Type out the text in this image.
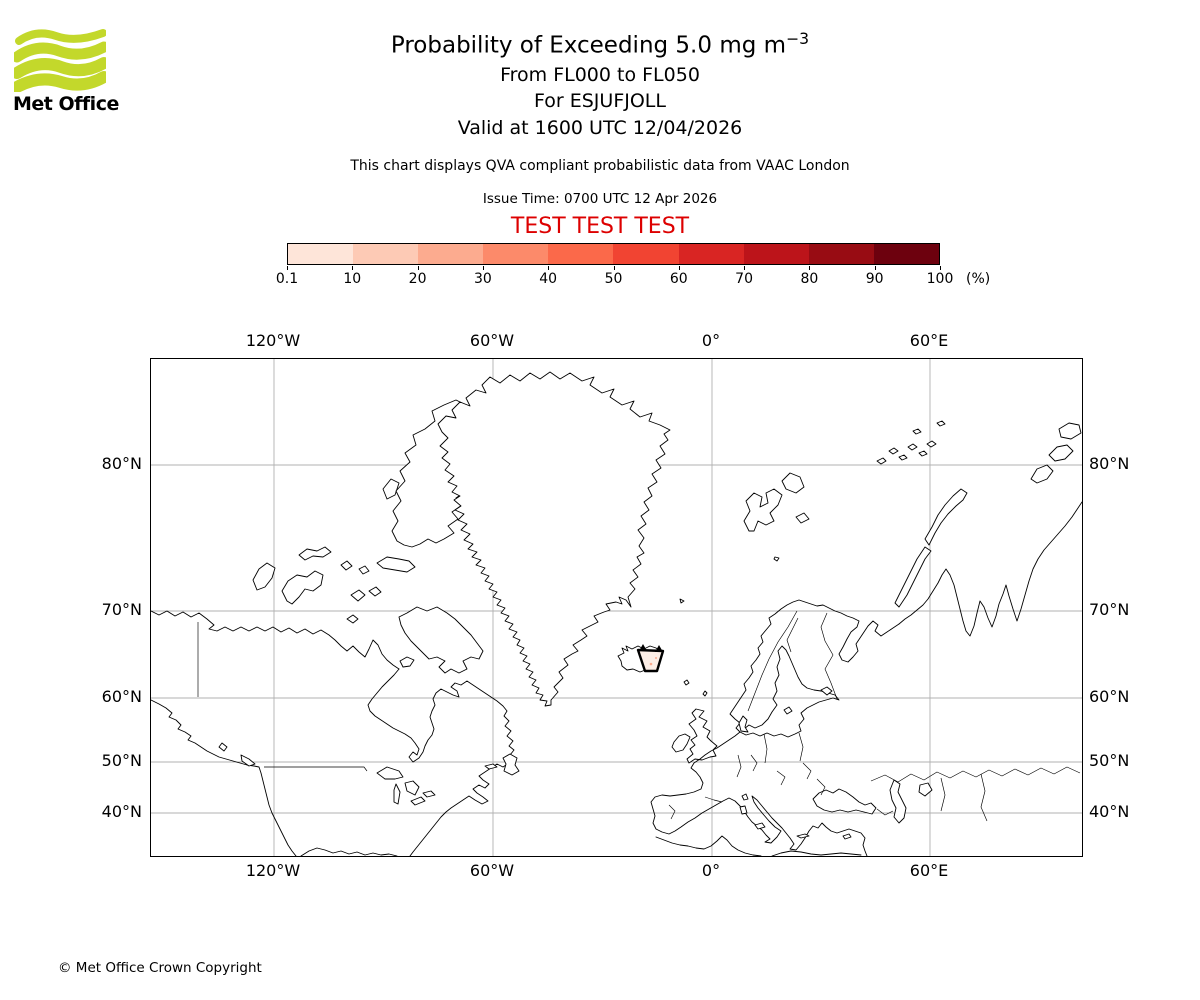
Met Office
Probability of Exceeding 5.0 mg $m^{-3}$
From FL000 to FL050
For ESJUFJOLL
Valid at 1600 UTC 12/04/2026
This chart displays QVA compliant probabilistic data from VAAC London
Issue Time: 0700 UTC 12 Apr 2026
TEST TEST TEST
0.1	10	20	30	40	50	60	70	80	90	100 (%)
120°W	60°W	0°	60°E
120°W	60°W	0°	60°E
80°N
70°N
60°N
50°N
40°N
80°N
70°N
60°N
50°N
40°N
© Met Office Crown Copyright
